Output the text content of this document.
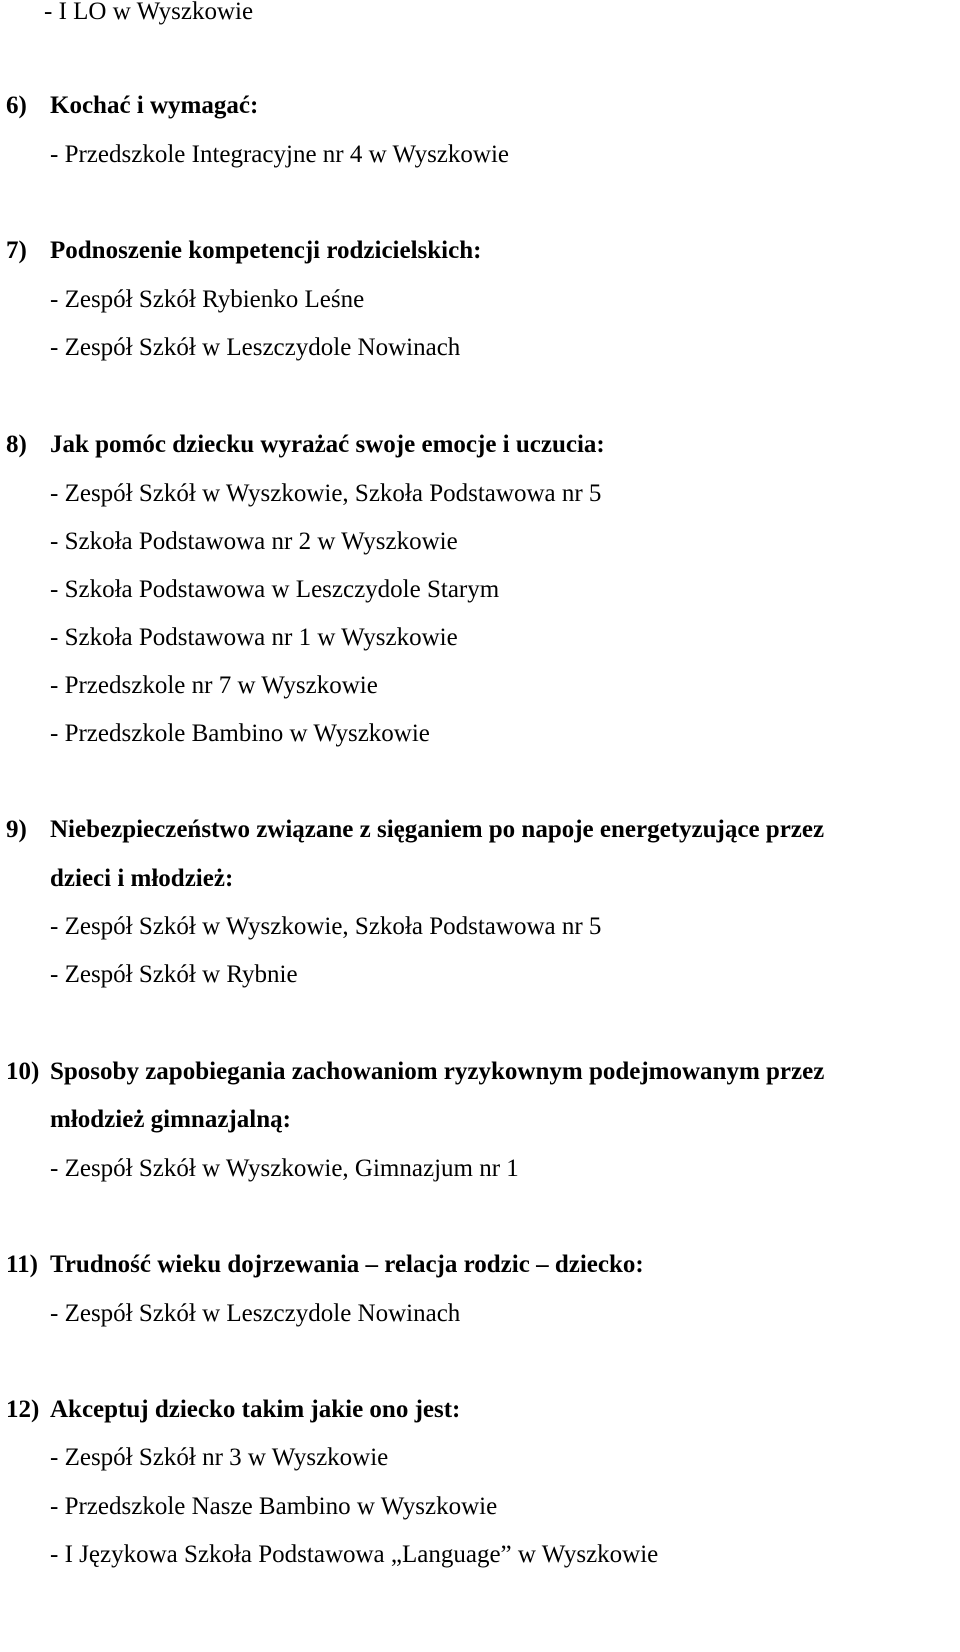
- I LO w Wyszkowie
6) Kochać i wymagać:
- Przedszkole Integracyjne nr 4 w Wyszkowie
7) Podnoszenie kompetencji rodzicielskich:
- Zespół Szkół Rybienko Leśne
- Zespół Szkół w Leszczydole Nowinach
8) Jak pomóc dziecku wyrażać swoje emocje i uczucia:
- Zespół Szkół w Wyszkowie, Szkoła Podstawowa nr 5
- Szkoła Podstawowa nr 2 w Wyszkowie
- Szkoła Podstawowa w Leszczydole Starym
- Szkoła Podstawowa nr 1 w Wyszkowie
- Przedszkole nr 7 w Wyszkowie
- Przedszkole Bambino w Wyszkowie
9) Niebezpieczeństwo związane z sięganiem po napoje energetyzujące przez
dzieci i młodzież:
- Zespół Szkół w Wyszkowie, Szkoła Podstawowa nr 5
- Zespół Szkół w Rybnie
10) Sposoby zapobiegania zachowaniom ryzykownym podejmowanym przez
młodzież gimnazjalną:
- Zespół Szkół w Wyszkowie, Gimnazjum nr 1
11) Trudność wieku dojrzewania – relacja rodzic – dziecko:
- Zespół Szkół w Leszczydole Nowinach
12) Akceptuj dziecko takim jakie ono jest:
- Zespół Szkół nr 3 w Wyszkowie
- Przedszkole Nasze Bambino w Wyszkowie
- I Językowa Szkoła Podstawowa „Language” w Wyszkowie
